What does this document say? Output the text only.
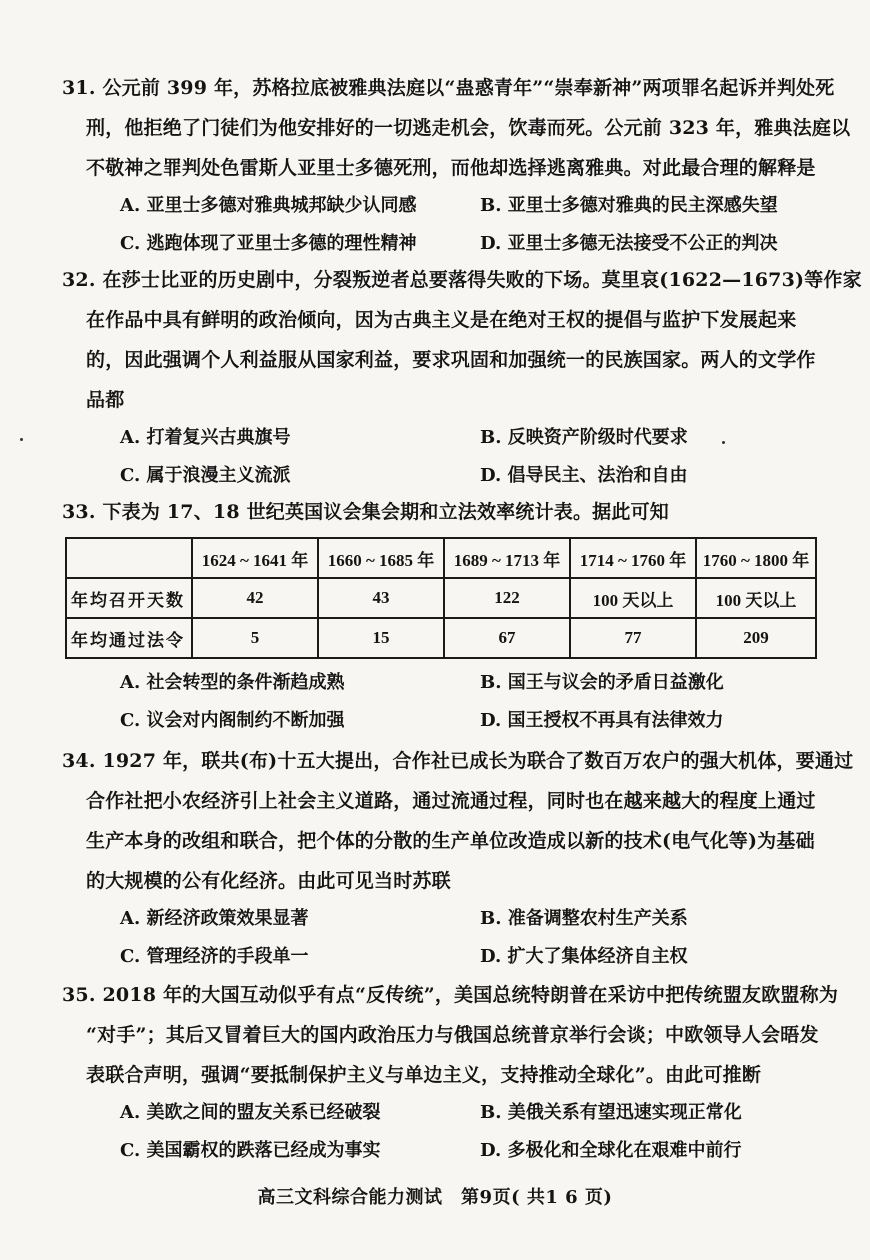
31. 公元前 399 年，苏格拉底被雅典法庭以“蛊惑青年”“崇奉新神”两项罪名起诉并判处死
刑，他拒绝了门徒们为他安排好的一切逃走机会，饮毒而死。公元前 323 年，雅典法庭以
不敬神之罪判处色雷斯人亚里士多德死刑，而他却选择逃离雅典。对此最合理的解释是
A. 亚里士多德对雅典城邦缺少认同感	B. 亚里士多德对雅典的民主深感失望
C. 逃跑体现了亚里士多德的理性精神	D. 亚里士多德无法接受不公正的判决
32. 在莎士比亚的历史剧中，分裂叛逆者总要落得失败的下场。莫里哀(1622—1673)等作家
在作品中具有鲜明的政治倾向，因为古典主义是在绝对王权的提倡与监护下发展起来
的，因此强调个人利益服从国家利益，要求巩固和加强统一的民族国家。两人的文学作
品都
A. 打着复兴古典旗号	B. 反映资产阶级时代要求
C. 属于浪漫主义流派	D. 倡导民主、法治和自由
33. 下表为 17、18 世纪英国议会集会期和立法效率统计表。据此可知
	1624 ~ 1641 年	1660 ~ 1685 年	1689 ~ 1713 年	1714 ~ 1760 年	1760 ~ 1800 年
年均召开天数	42	43	122	100 天以上	100 天以上
年均通过法令	5	15	67	77	209
A. 社会转型的条件渐趋成熟	B. 国王与议会的矛盾日益激化
C. 议会对内阁制约不断加强	D. 国王授权不再具有法律效力
34. 1927 年，联共(布)十五大提出，合作社已成长为联合了数百万农户的强大机体，要通过
合作社把小农经济引上社会主义道路，通过流通过程，同时也在越来越大的程度上通过
生产本身的改组和联合，把个体的分散的生产单位改造成以新的技术(电气化等)为基础
的大规模的公有化经济。由此可见当时苏联
A. 新经济政策效果显著	B. 准备调整农村生产关系
C. 管理经济的手段单一	D. 扩大了集体经济自主权
35. 2018 年的大国互动似乎有点“反传统”，美国总统特朗普在采访中把传统盟友欧盟称为
“对手”；其后又冒着巨大的国内政治压力与俄国总统普京举行会谈；中欧领导人会晤发
表联合声明，强调“要抵制保护主义与单边主义，支持推动全球化”。由此可推断
A. 美欧之间的盟友关系已经破裂	B. 美俄关系有望迅速实现正常化
C. 美国霸权的跌落已经成为事实	D. 多极化和全球化在艰难中前行
高三文科综合能力测试　第9页( 共1 6 页)
